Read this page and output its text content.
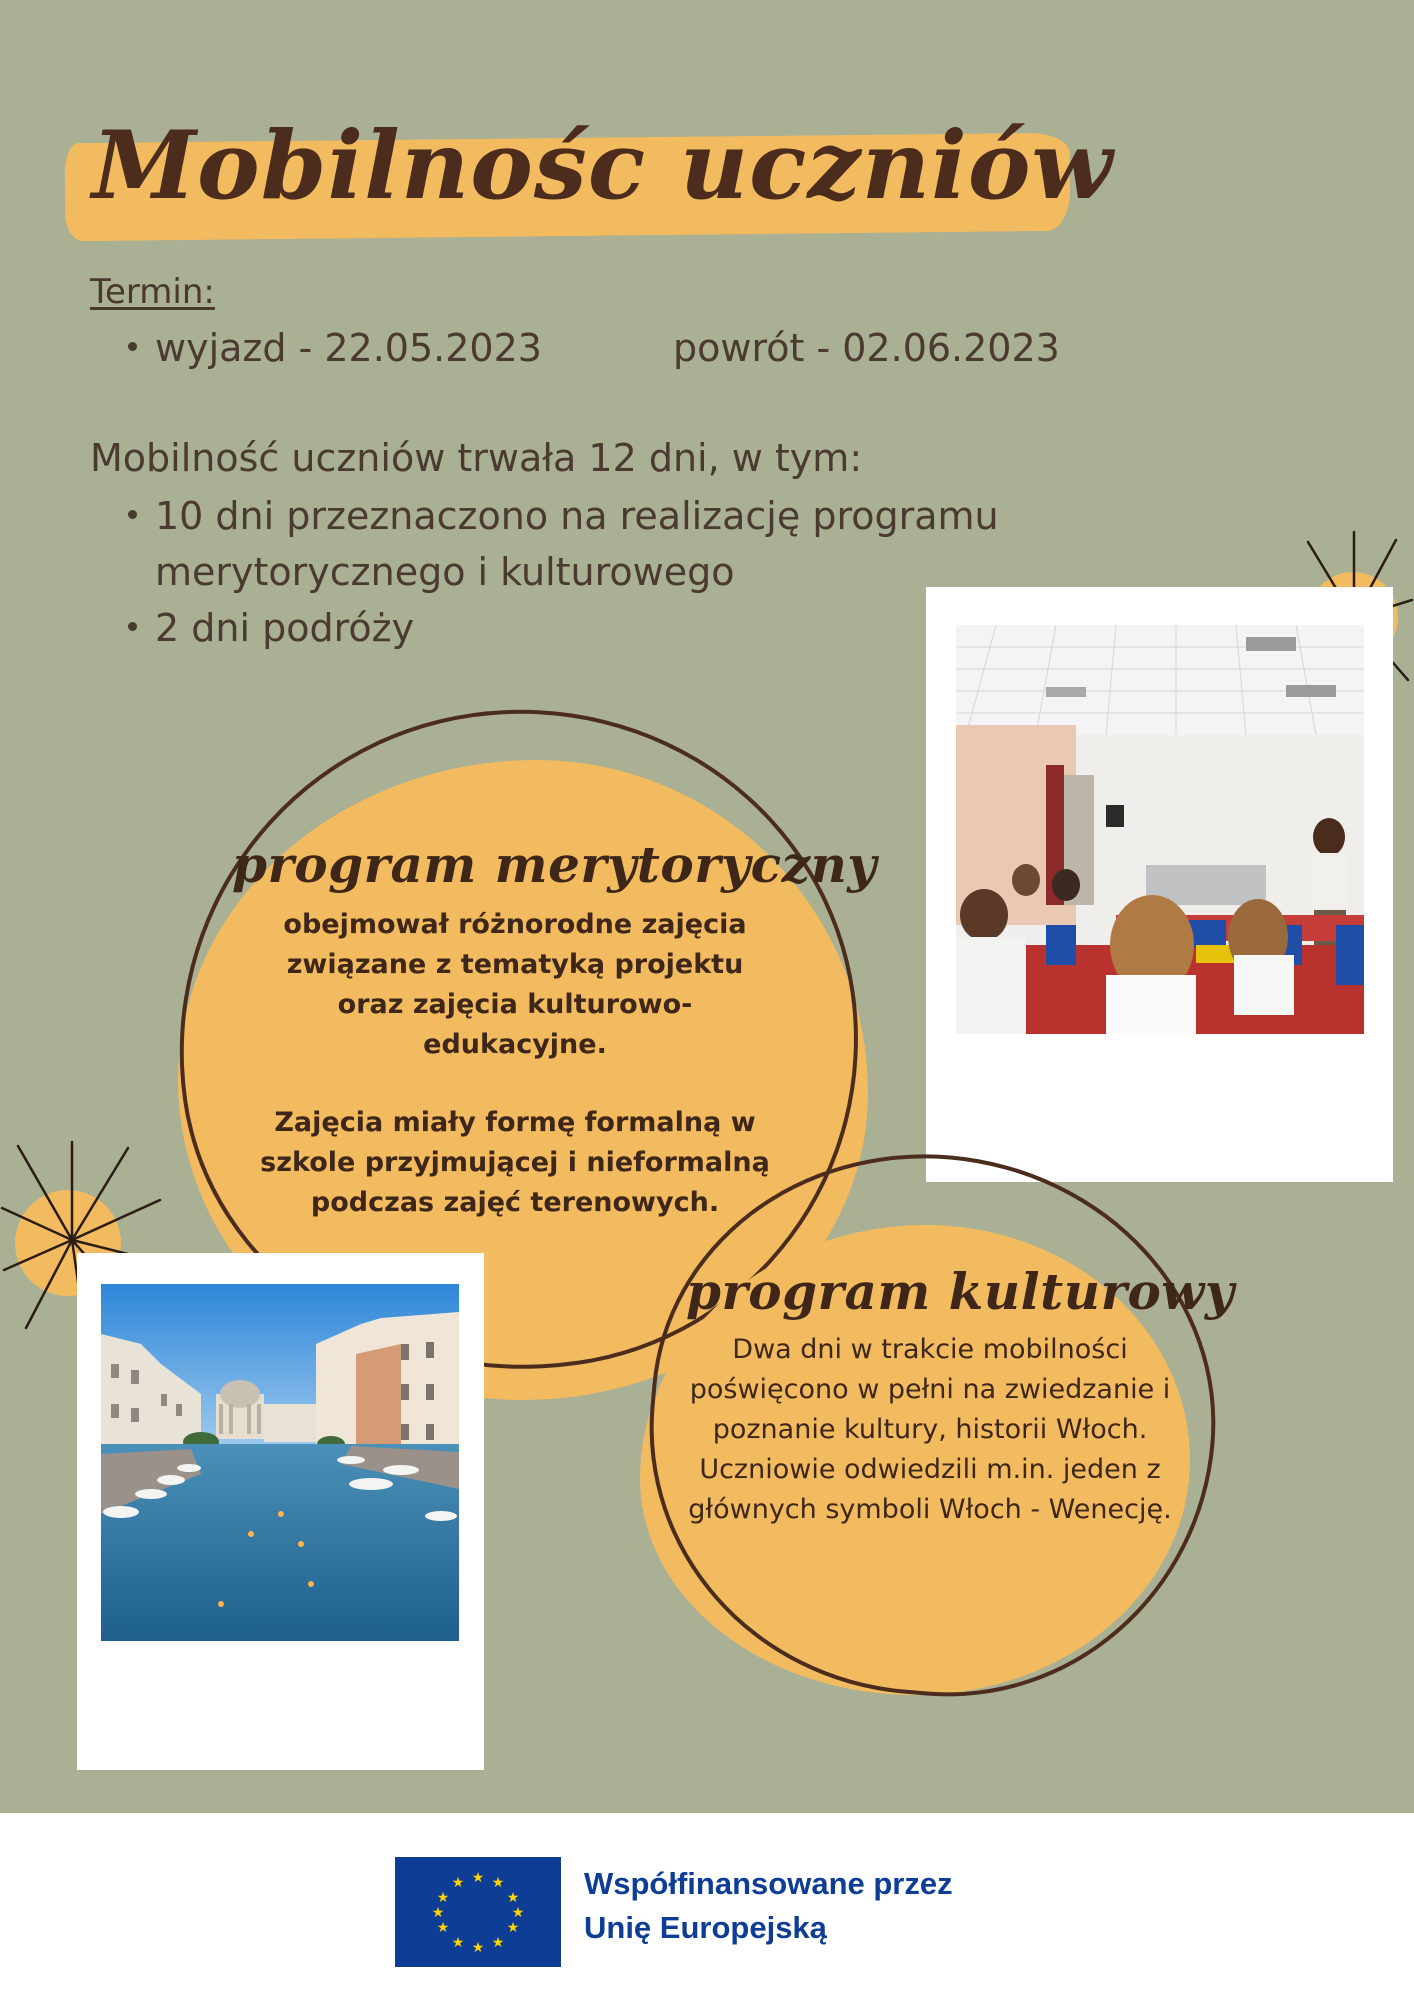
Mobilnośc uczniów
Termin:
wyjazd - 22.05.2023	powrót - 02.06.2023
Mobilność uczniów trwała 12 dni, w tym:
10 dni przeznaczono na realizację programu
merytorycznego i kulturowego
2 dni podróży
program merytoryczny

obejmował różnorodne zajęcia związane z tematyką projektu oraz zajęcia kulturowo-edukacyjne.

Zajęcia miały formę formalną w szkole przyjmującej i nieformalną podczas zajęć terenowych.

program kulturowy
Dwa dni w trakcie mobilności poświęcono w pełni na zwiedzanie i poznanie kultury, historii Włoch. Uczniowie odwiedzili m.in. jeden z głównych symboli Włoch - Wenecję.
★ ★
★
★
★
★
★
★
★
★
★
★	Współfinansowane przez
Unię Europejską
